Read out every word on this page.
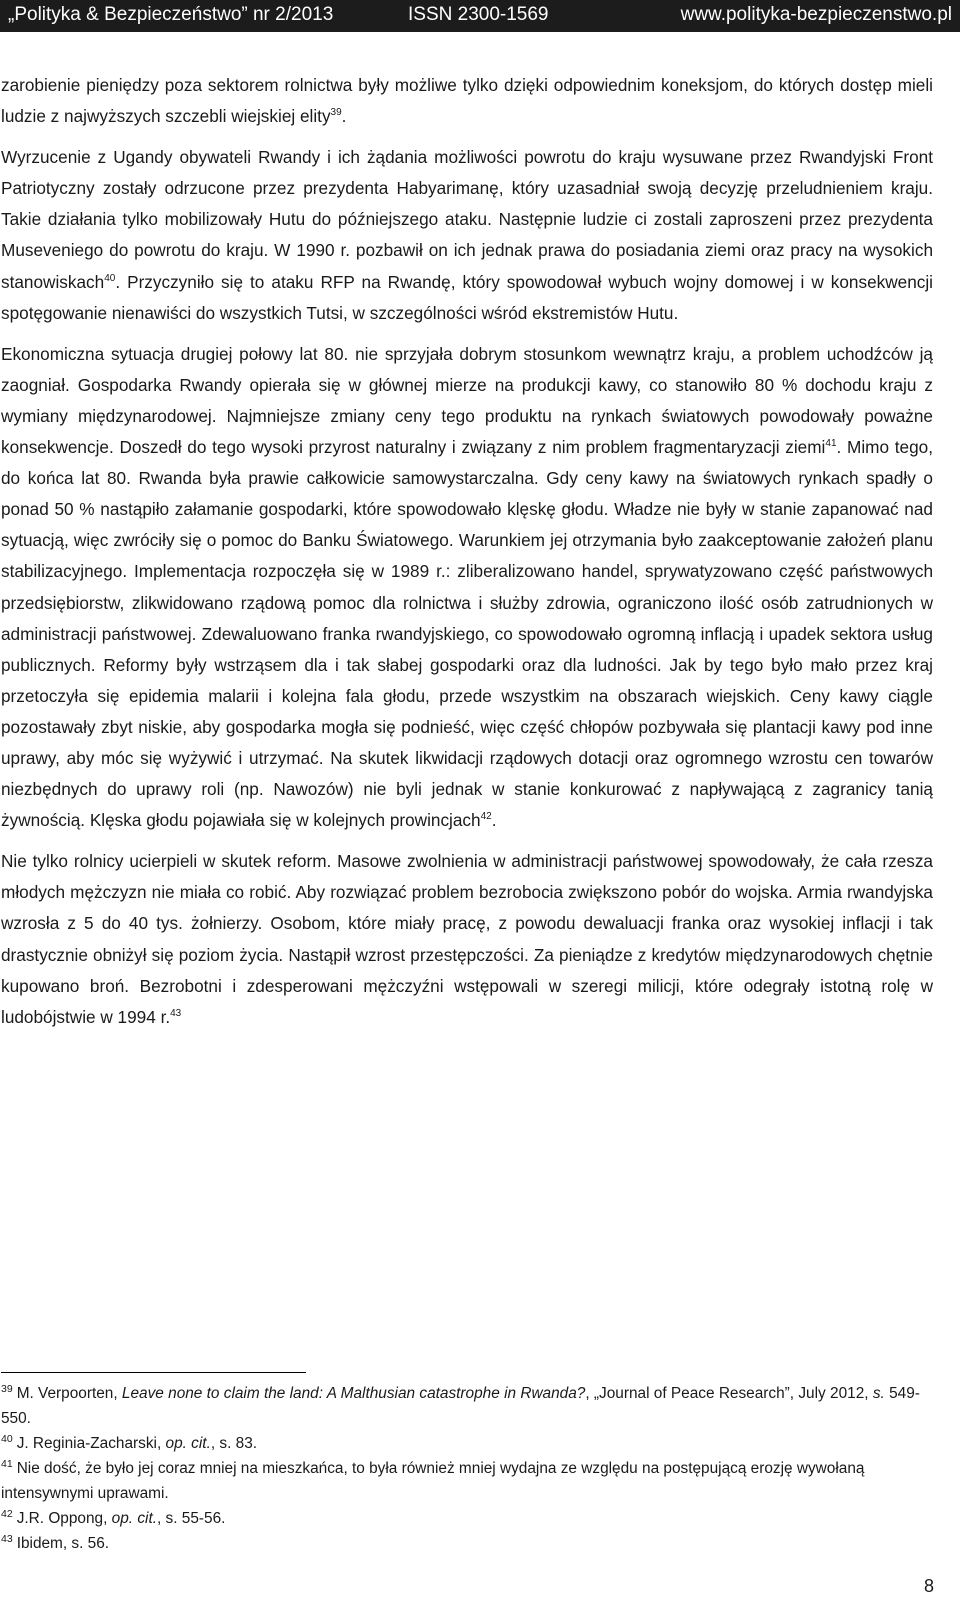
„Polityka & Bezpieczeństwo” nr 2/2013	ISSN 2300-1569	www.polityka-bezpieczenstwo.pl

zarobienie pieniędzy poza sektorem rolnictwa były możliwe tylko dzięki odpowiednim koneksjom, do których dostęp mieli ludzie z najwyższych szczebli wiejskiej elity$^{39}$.

Wyrzucenie z Ugandy obywateli Rwandy i ich żądania możliwości powrotu do kraju wysuwane przez Rwandyjski Front Patriotyczny zostały odrzucone przez prezydenta Habyarimanę, który uzasadniał swoją decyzję przeludnieniem kraju. Takie działania tylko mobilizowały Hutu do późniejszego ataku. Następnie ludzie ci zostali zaproszeni przez prezydenta Museveniego do powrotu do kraju. W 1990 r. pozbawił on ich jednak prawa do posiadania ziemi oraz pracy na wysokich stanowiskach$^{40}$. Przyczyniło się to ataku RFP na Rwandę, który spowodował wybuch wojny domowej i w konsekwencji spotęgowanie nienawiści do wszystkich Tutsi, w szczególności wśród ekstremistów Hutu.

Ekonomiczna sytuacja drugiej połowy lat 80. nie sprzyjała dobrym stosunkom wewnątrz kraju, a problem uchodźców ją zaogniał. Gospodarka Rwandy opierała się w głównej mierze na produkcji kawy, co stanowiło 80 % dochodu kraju z wymiany międzynarodowej. Najmniejsze zmiany ceny tego produktu na rynkach światowych powodowały poważne konsekwencje. Doszedł do tego wysoki przyrost naturalny i związany z nim problem fragmentaryzacji ziemi$^{41}$. Mimo tego, do końca lat 80. Rwanda była prawie całkowicie samowystarczalna. Gdy ceny kawy na światowych rynkach spadły o ponad 50 % nastąpiło załamanie gospodarki, które spowodowało klęskę głodu. Władze nie były w stanie zapanować nad sytuacją, więc zwróciły się o pomoc do Banku Światowego. Warunkiem jej otrzymania było zaakceptowanie założeń planu stabilizacyjnego. Implementacja rozpoczęła się w 1989 r.: zliberalizowano handel, sprywatyzowano część państwowych przedsiębiorstw, zlikwidowano rządową pomoc dla rolnictwa i służby zdrowia, ograniczono ilość osób zatrudnionych w administracji państwowej. Zdewaluowano franka rwandyjskiego, co spowodowało ogromną inflacją i upadek sektora usług publicznych. Reformy były wstrząsem dla i tak słabej gospodarki oraz dla ludności. Jak by tego było mało przez kraj przetoczyła się epidemia malarii i kolejna fala głodu, przede wszystkim na obszarach wiejskich. Ceny kawy ciągle pozostawały zbyt niskie, aby gospodarka mogła się podnieść, więc część chłopów pozbywała się plantacji kawy pod inne uprawy, aby móc się wyżywić i utrzymać. Na skutek likwidacji rządowych dotacji oraz ogromnego wzrostu cen towarów niezbędnych do uprawy roli (np. Nawozów) nie byli jednak w stanie konkurować z napływającą z zagranicy tanią żywnością. Klęska głodu pojawiała się w kolejnych prowincjach$^{42}$.

Nie tylko rolnicy ucierpieli w skutek reform. Masowe zwolnienia w administracji państwowej spowodowały, że cała rzesza młodych mężczyzn nie miała co robić. Aby rozwiązać problem bezrobocia zwiększono pobór do wojska. Armia rwandyjska wzrosła z 5 do 40 tys. żołnierzy. Osobom, które miały pracę, z powodu dewaluacji franka oraz wysokiej inflacji i tak drastycznie obniżył się poziom życia. Nastąpił wzrost przestępczości. Za pieniądze z kredytów międzynarodowych chętnie kupowano broń. Bezrobotni i zdesperowani mężczyźni wstępowali w szeregi milicji, które odegrały istotną rolę w ludobójstwie w 1994 r.$^{43}$

$^{39}$ M. Verpoorten, Leave none to claim the land: A Malthusian catastrophe in Rwanda?, „Journal of Peace Research”, July 2012, s. 549-550.

$^{40}$ J. Reginia-Zacharski, op. cit., s. 83.

$^{41}$ Nie dość, że było jej coraz mniej na mieszkańca, to była również mniej wydajna ze względu na postępującą erozję wywołaną intensywnymi uprawami.

$^{42}$ J.R. Oppong, op. cit., s. 55-56.

$^{43}$ Ibidem, s. 56.

8
